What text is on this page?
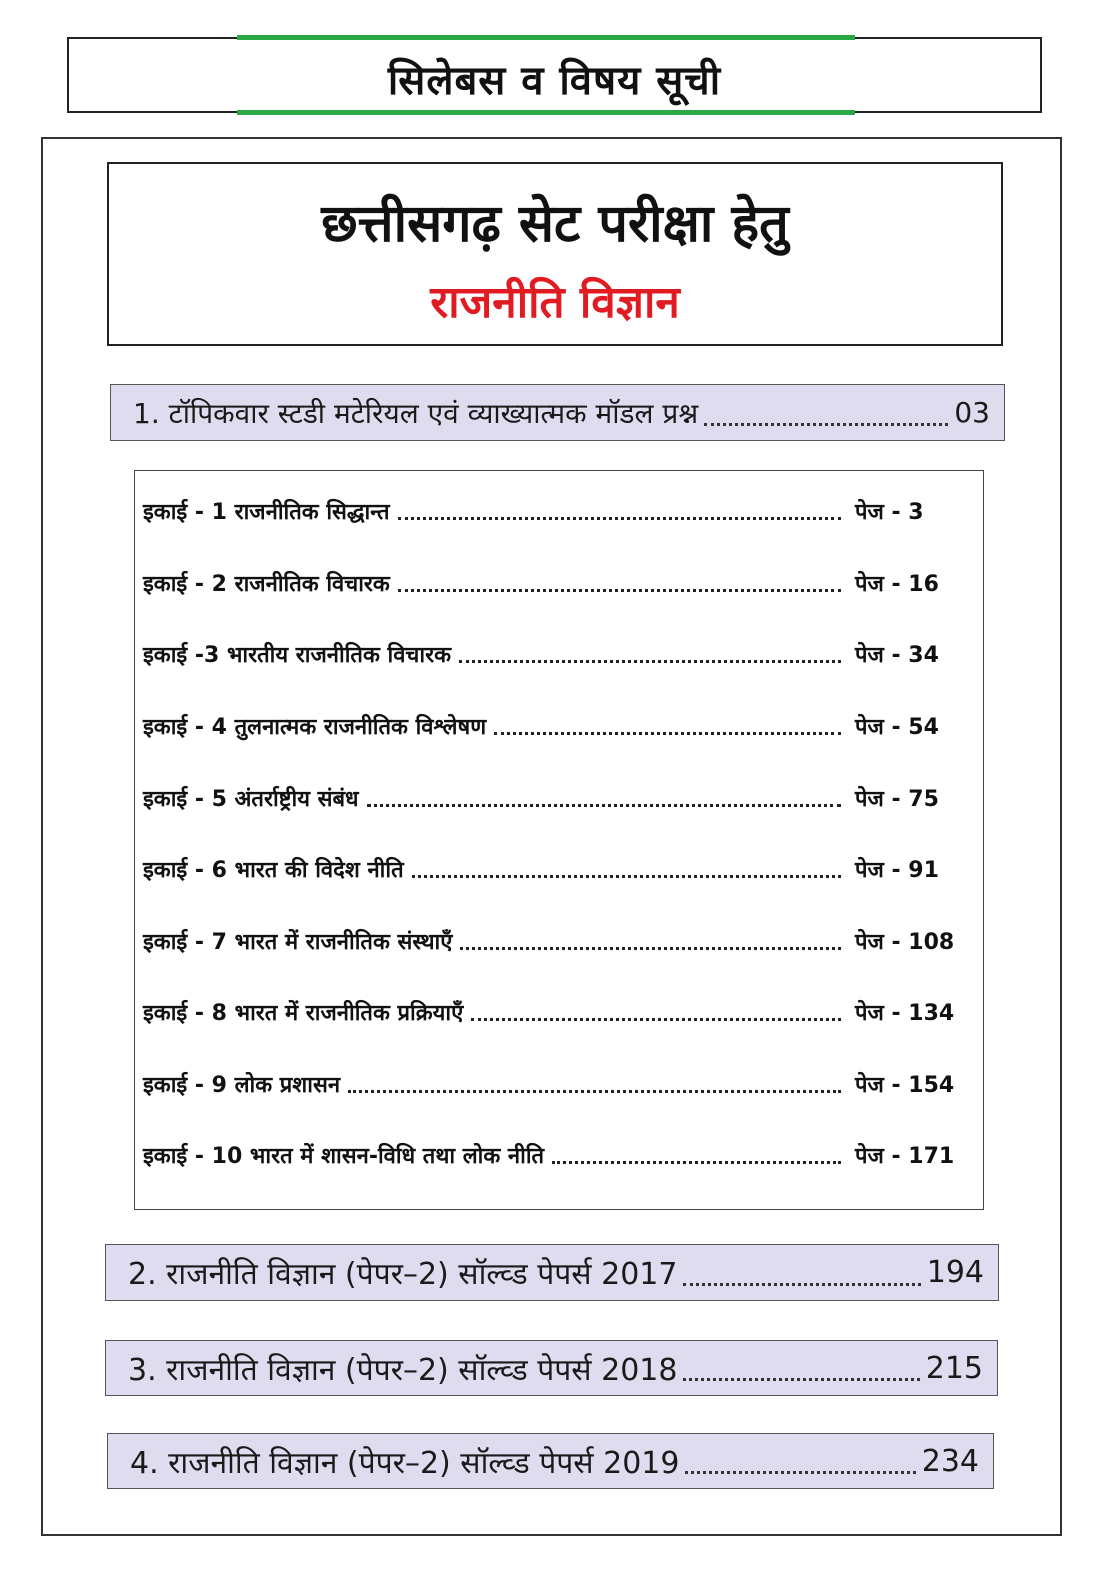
सिलेबस व विषय सूची
छत्तीसगढ़ सेट परीक्षा हेतु
राजनीति विज्ञान
1. टॉपिकवार स्टडी मटेरियल एवं व्याख्यात्मक मॉडल प्रश्न	03
इकाई - 1 राजनीतिक सिद्धान्त	पेज - 3
इकाई - 2 राजनीतिक विचारक	पेज - 16
इकाई -3 भारतीय राजनीतिक विचारक	पेज - 34
इकाई - 4 तुलनात्मक राजनीतिक विश्लेषण	पेज - 54
इकाई - 5 अंतर्राष्ट्रीय संबंध	पेज - 75
इकाई - 6 भारत की विदेश नीति	पेज - 91
इकाई - 7 भारत में राजनीतिक संस्थाएँ	पेज - 108
इकाई - 8 भारत में राजनीतिक प्रक्रियाएँ	पेज - 134
इकाई - 9 लोक प्रशासन	पेज - 154
इकाई - 10 भारत में शासन-विधि तथा लोक नीति	पेज - 171
2. राजनीति विज्ञान (पेपर–2) सॉल्व्ड पेपर्स 2017	194
3. राजनीति विज्ञान (पेपर–2) सॉल्व्ड पेपर्स 2018	215
4. राजनीति विज्ञान (पेपर–2) सॉल्व्ड पेपर्स 2019	234
